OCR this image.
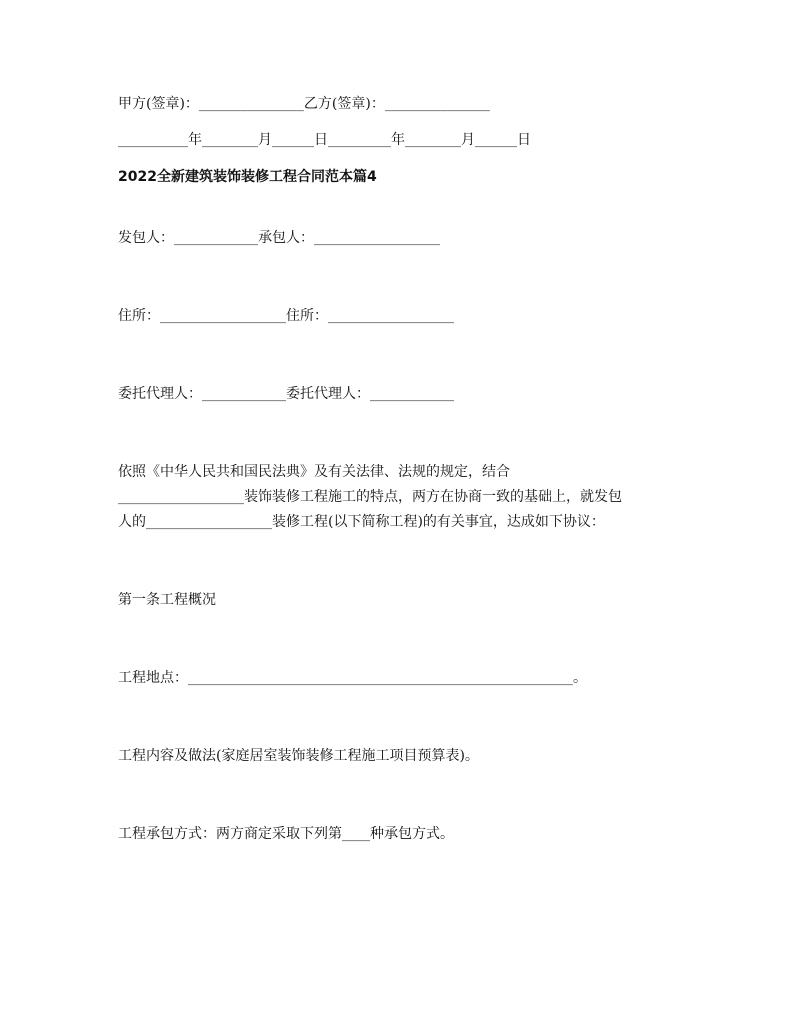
甲方(签章)：_______________乙方(签章)：_______________
__________年________月______日_________年________月______日
2022全新建筑装饰装修工程合同范本篇4
发包人：____________承包人：__________________
住所：__________________住所：__________________
委托代理人：____________委托代理人：____________
依照《中华人民共和国民法典》及有关法律、法规的规定，结合
__________________装饰装修工程施工的特点，两方在协商一致的基础上，就发包
人的__________________装修工程(以下简称工程)的有关事宜，达成如下协议：
第一条工程概况
工程地点：_______________________________________________________。
工程内容及做法(家庭居室装饰装修工程施工项目预算表)。
工程承包方式：两方商定采取下列第____种承包方式。
